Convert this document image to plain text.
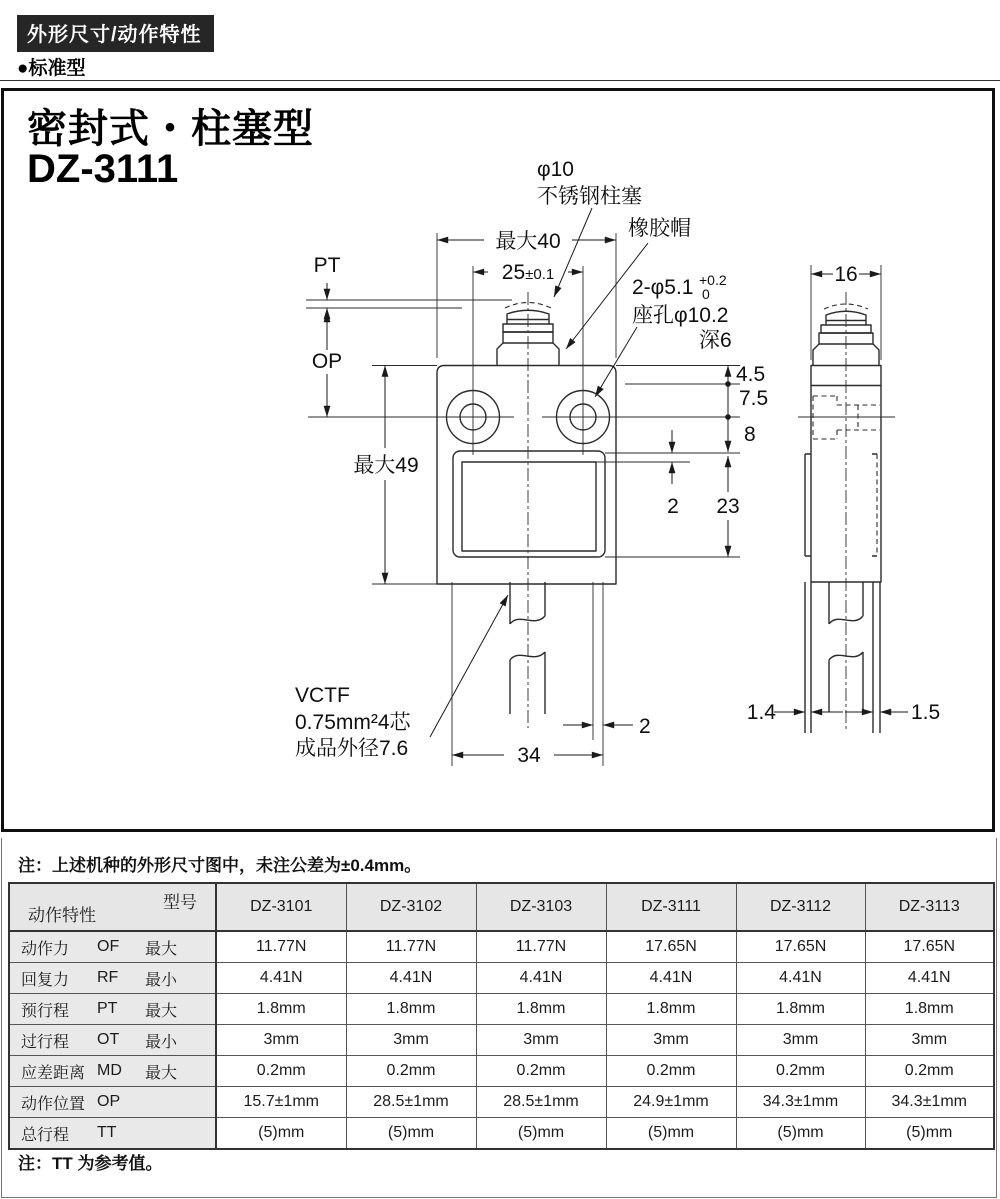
外形尺寸/动作特性
●标准型
密封式・柱塞型
DZ-3111
最大40
25±0.1
PT
OP
最大49
4.5
7.5
8
23
2
16
34
2
1.4	1.5
φ10
不锈钢柱塞
橡胶帽
2-φ5.1 +0.2
0
座孔φ10.2
深6
VCTF
0.75mm²4芯
成品外径7.6
注：上述机种的外形尺寸图中，未注公差为±0.4mm。
型号
动作特性	DZ-3101	DZ-3102	DZ-3103	DZ-3111	DZ-3112	DZ-3113

动作力 OF 最大	11.77N	11.77N	11.77N	17.65N	17.65N	17.65N

回复力 RF 最小	4.41N	4.41N	4.41N	4.41N	4.41N	4.41N

预行程 PT 最大	1.8mm	1.8mm	1.8mm	1.8mm	1.8mm	1.8mm

过行程 OT 最小	3mm	3mm	3mm	3mm	3mm	3mm

应差距离 MD 最大	0.2mm	0.2mm	0.2mm	0.2mm	0.2mm	0.2mm

动作位置 OP	15.7±1mm	28.5±1mm	28.5±1mm	24.9±1mm	34.3±1mm	34.3±1mm

总行程 TT	(5)mm	(5)mm	(5)mm	(5)mm	(5)mm	(5)mm
注：TT 为参考值。
